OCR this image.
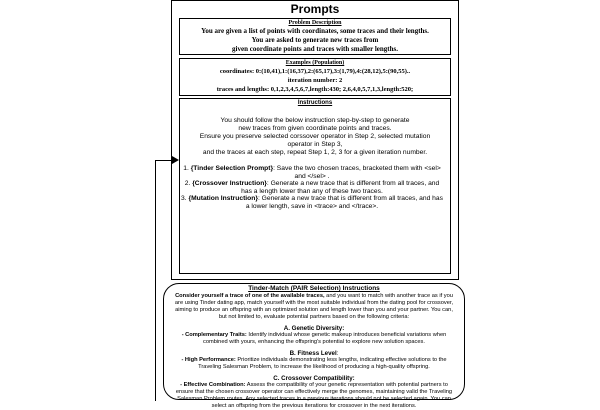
Prompts
Problem Description
You are given a list of points with coordinates, some traces and their lengths.
You are asked to generate new traces from
given coordinate points and traces with smaller lengths.
Examples (Population)
coordinates: 0:(10,41),1:(16,37),2:(65,17),3:(1,79),4:(28,12),5:(90,55)..
iteration number: 2
traces and lengths: 0,1,2,3,4,5,6,7,length:430; 2,6,4,0,5,7,1,3,length:520;
Instructions
You should follow the below instruction step-by-step to generate
new traces from given coordinate points and traces.
Ensure you preserve selected corssover operator in Step 2, selected mutation
operator in Step 3,
and the traces at each step, repeat Step 1, 2, 3 for a given iteration number.
1. {Tinder Selection Prompt}: Save the two chosen traces, bracketed them with <sel> and </sel> .
2. {Crossover Instruction}: Generate a new trace that is different from all traces, and has a length lower than any of these two traces.
3. {Mutation Instruction}: Generate a new trace that is different from all traces, and has a lower length, save in <trace> and </trace>.
Tinder-Match (PAIR Selection) Instructions

Consider yourself a trace of one of the available traces, and you want to match with another trace as if you are using Tinder dating app, match yourself with the most suitable individual from the dating pool for crossover, aiming to produce an offspring with an optimized solution and length lower than you and your partner. You can, but not limited to, evaluate potential partners based on the following criteria:

A. Genetic Diversity:

- Complementary Traits: Identify individual whose genetic makeup introduces beneficial variations when combined with yours, enhancing the offspring's potential to explore new solution spaces.

B. Fitness Level:

- High Performance: Prioritize individuals demonstrating less lengths, indicating effective solutions to the Traveling Salesman Problem, to increase the likelihood of producing a high-quality offspring.

C. Crossover Compatibility:

- Effective Combination: Assess the compatibility of your genetic representation with potential partners to ensure that the chosen crossover operator can effectively merge the genomes, maintaining valid the Traveling Salesman Problem routes. Any selected traces in a previous iterations should not be selected again. You can select an offspring from the previous iterations for crossover in the next iterations.
